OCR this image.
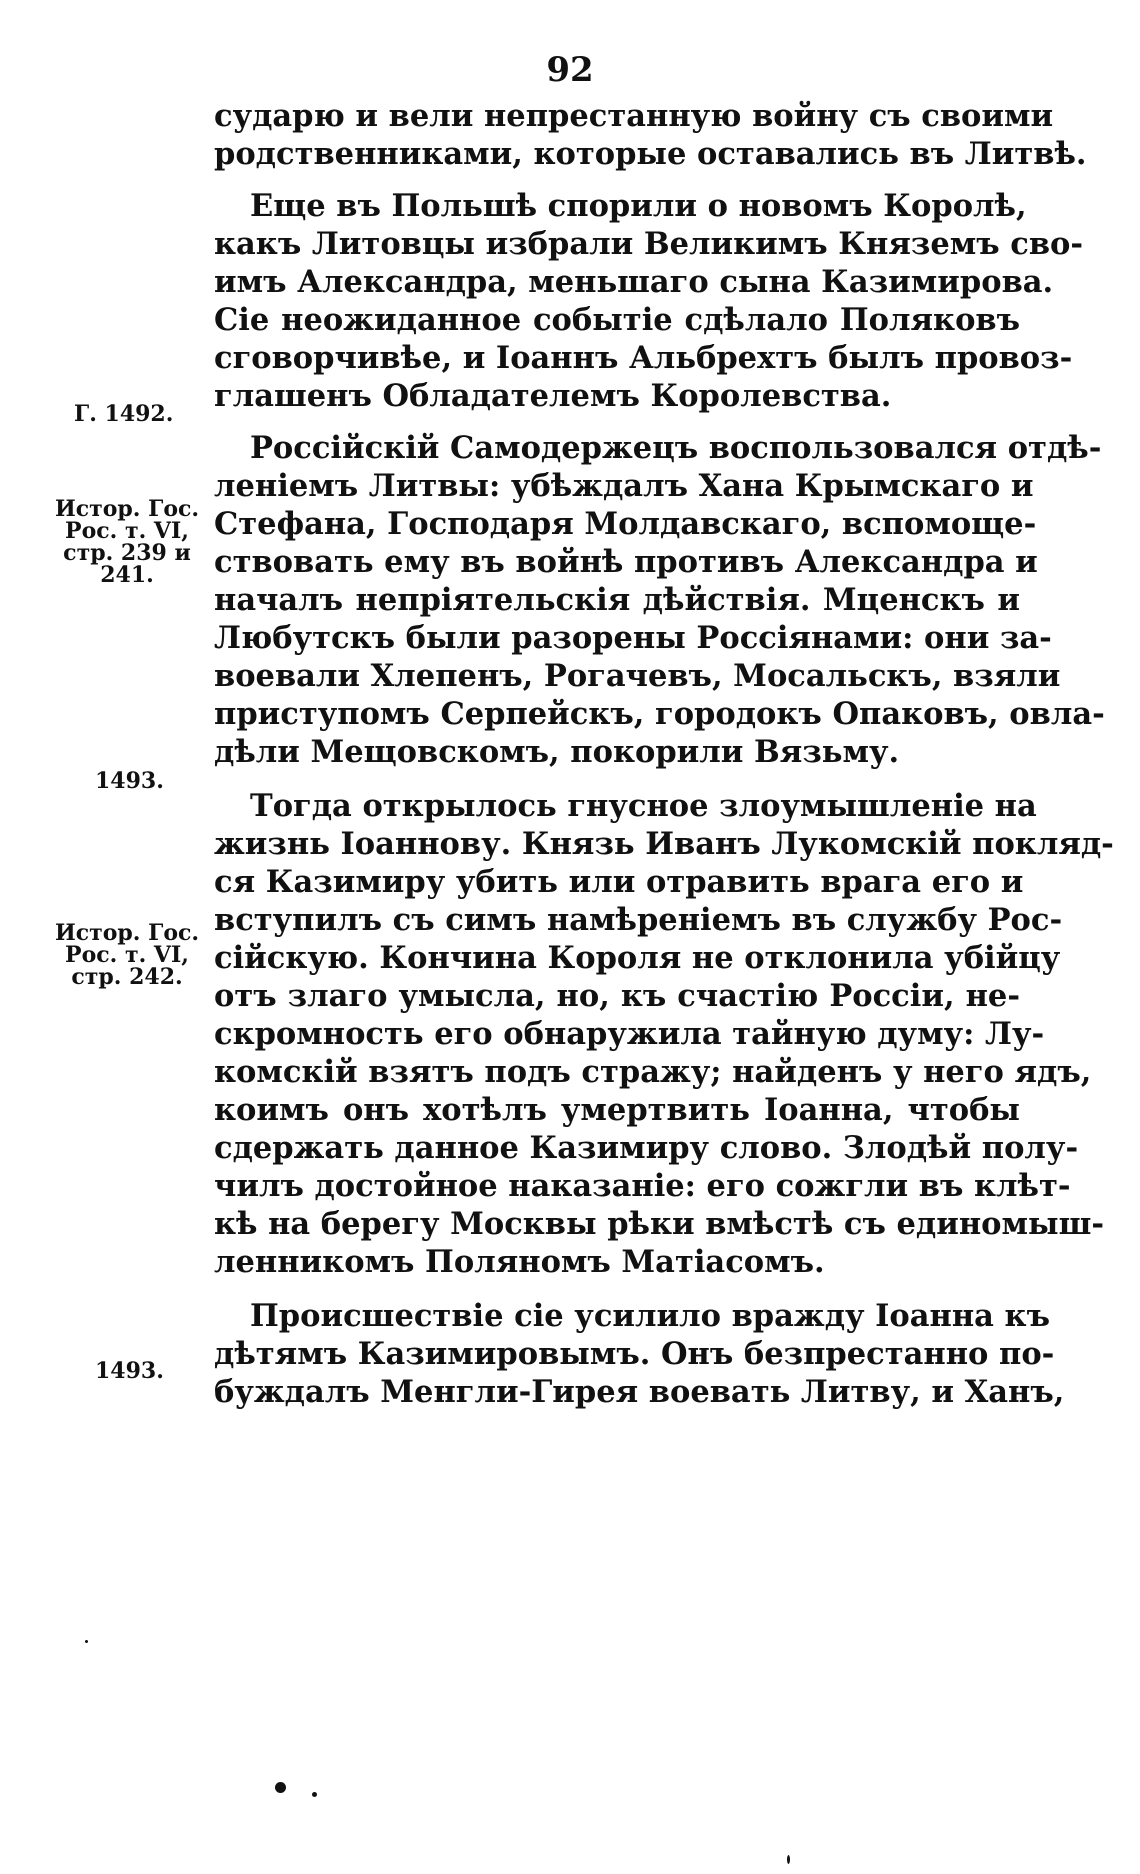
92
сударю и вели непрестанную войну съ своими
родственниками, которые оставались въ Литвѣ.
Еще въ Польшѣ спорили о новомъ Королѣ,
какъ Литовцы избрали Великимъ Княземъ сво-
имъ Александра, меньшаго сына Казимирова.
Сіе неожиданное событіе сдѣлало Поляковъ
сговорчивѣе, и Іоаннъ Альбрехтъ былъ провоз-
глашенъ Обладателемъ Королевства.
Россійскій Самодержецъ воспользовался отдѣ-
леніемъ Литвы: убѣждалъ Хана Крымскаго и
Стефана, Господаря Молдавскаго, вспомоще-
ствовать ему въ войнѣ противъ Александра и
началъ непріятельскія дѣйствія. Мценскъ и
Любутскъ были разорены Россіянами: они за-
воевали Хлепенъ, Рогачевъ, Мосальскъ, взяли
приступомъ Серпейскъ, городокъ Опаковъ, овла-
дѣли Мещовскомъ, покорили Вязьму.
Тогда открылось гнусное злоумышленіе на
жизнь Іоаннову. Князь Иванъ Лукомскій покляд-
ся Казимиру убить или отравить врага его и
вступилъ съ симъ намѣреніемъ въ службу Рос-
сійскую. Кончина Короля не отклонила убійцу
отъ злаго умысла, но, къ счастію Россіи, не-
скромность его обнаружила тайную думу: Лу-
комскій взятъ подъ стражу; найденъ у него ядъ,
коимъ онъ хотѣлъ умертвить Іоанна, чтобы
сдержать данное Казимиру слово. Злодѣй полу-
чилъ достойное наказаніе: его сожгли въ клѣт-
кѣ на берегу Москвы рѣки вмѣстѣ съ единомыш-
ленникомъ Поляномъ Матіасомъ.
Происшествіе сіе усилило вражду Іоанна къ
дѣтямъ Казимировымъ. Онъ безпрестанно по-
буждалъ Менгли-Гирея воевать Литву, и Ханъ,
Г. 1492.
Истор. Гос.
Рос. т. VI,
стр. 239 и
241.
1493.
Истор. Гос.
Рос. т. VI,
стр. 242.
1493.
